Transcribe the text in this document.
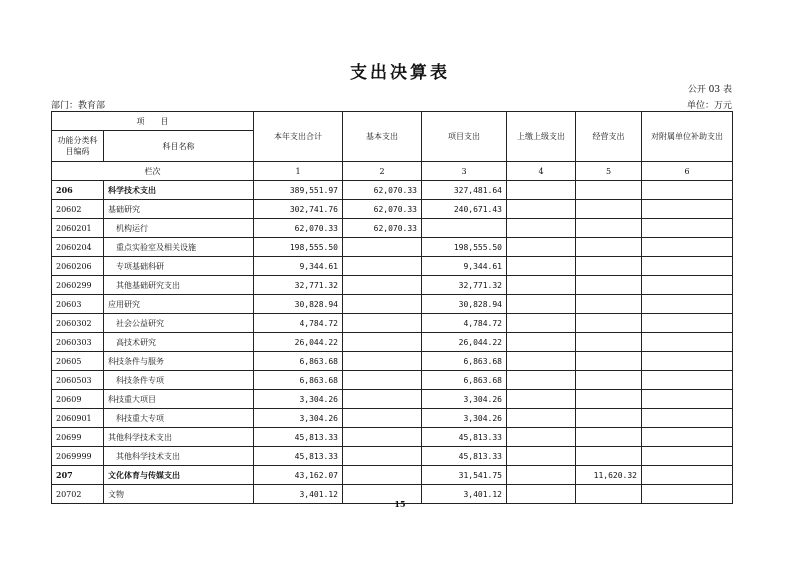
支出决算表
公开 03 表
部门：教育部	单位：万元
项　　目		本年支出合计	基本支出	项目支出	上缴上级支出	经营支出	对附属单位补助支出
功能分类科目编码	科目名称						
栏次		1	2	3	4	5	6
206	科学技术支出	389,551.97	62,070.33	327,481.64			
20602	基础研究	302,741.76	62,070.33	240,671.43			
2060201	机构运行	62,070.33	62,070.33				
2060204	重点实验室及相关设施	198,555.50		198,555.50			
2060206	专项基础科研	9,344.61		9,344.61			
2060299	其他基础研究支出	32,771.32		32,771.32			
20603	应用研究	30,828.94		30,828.94			
2060302	社会公益研究	4,784.72		4,784.72			
2060303	高技术研究	26,044.22		26,044.22			
20605	科技条件与服务	6,863.68		6,863.68			
2060503	科技条件专项	6,863.68		6,863.68			
20609	科技重大项目	3,304.26		3,304.26			
2060901	科技重大专项	3,304.26		3,304.26			
20699	其他科学技术支出	45,813.33		45,813.33			
2069999	其他科学技术支出	45,813.33		45,813.33			
207	文化体育与传媒支出	43,162.07		31,541.75		11,620.32	
20702	文物	3,401.12		3,401.12			
15
